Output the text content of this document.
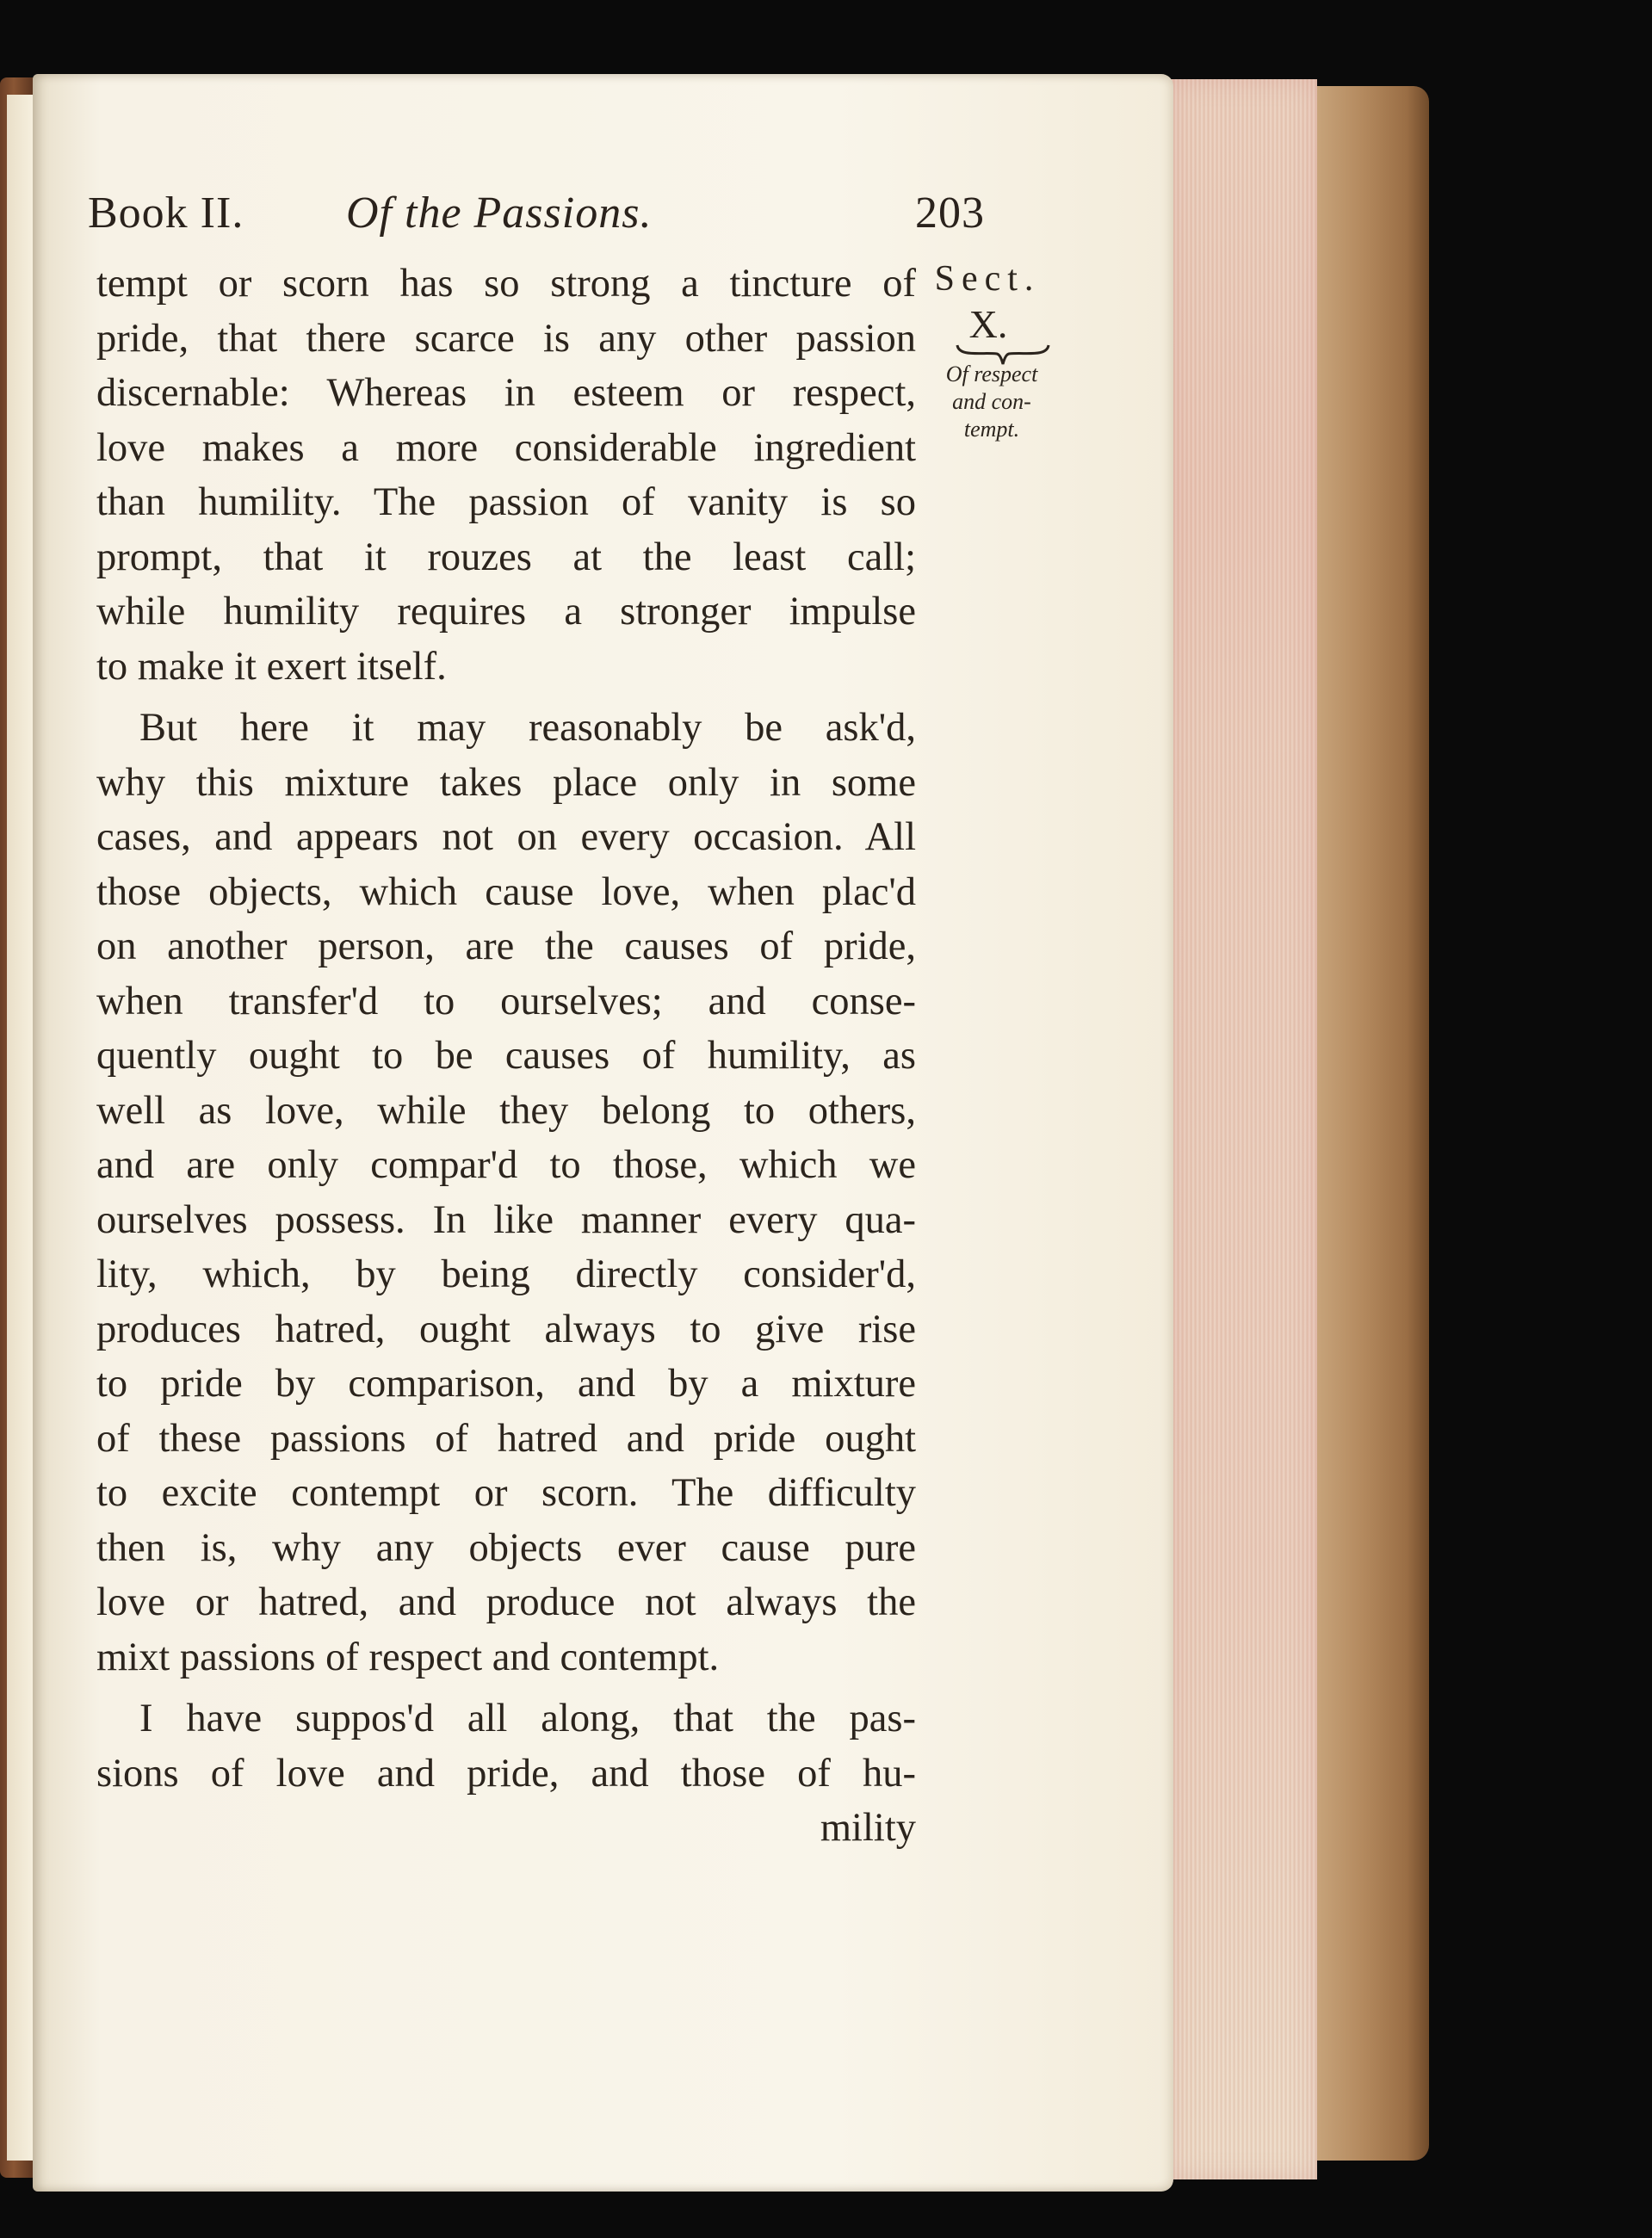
Book II. Of the Passions.	203
Sect.
X.
Of respect
and con-
tempt.
tempt or scorn has so strong a tincture of
pride, that there scarce is any other passion
discernable: Whereas in esteem or respect,
love makes a more considerable ingredient
than humility. The passion of vanity is so
prompt, that it rouzes at the least call;
while humility requires a stronger impulse
to make it exert itself.
But here it may reasonably be ask'd,
why this mixture takes place only in some
cases, and appears not on every occasion. All
those objects, which cause love, when plac'd
on another person, are the causes of pride,
when transfer'd to ourselves; and conse-
quently ought to be causes of humility, as
well as love, while they belong to others,
and are only compar'd to those, which we
ourselves possess. In like manner every qua-
lity, which, by being directly consider'd,
produces hatred, ought always to give rise
to pride by comparison, and by a mixture
of these passions of hatred and pride ought
to excite contempt or scorn. The difficulty
then is, why any objects ever cause pure
love or hatred, and produce not always the
mixt passions of respect and contempt.
I have suppos'd all along, that the pas-
sions of love and pride, and those of hu-
mility
